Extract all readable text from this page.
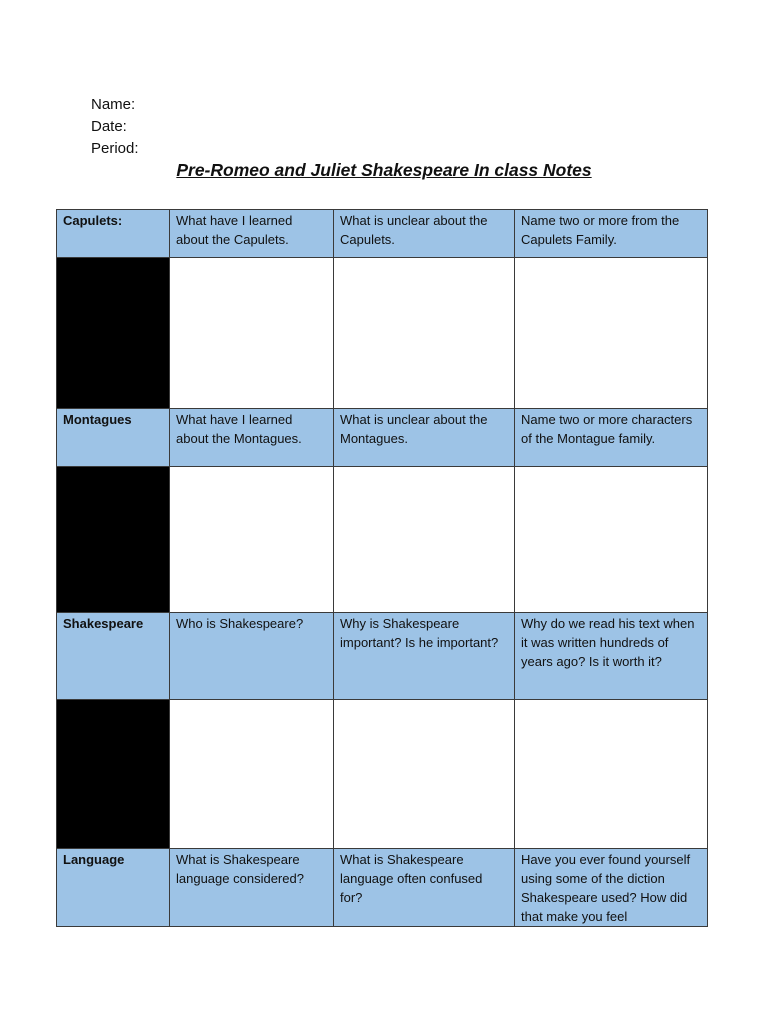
Name:
Date:
Period:
Pre-Romeo and Juliet Shakespeare In class Notes
Capulets:	What have I learned about the Capulets.	What is unclear about the Capulets.	Name two or more from the Capulets Family.

Montagues	What have I learned about the Montagues.	What is unclear about the Montagues.	Name two or more characters of the Montague family.

Shakespeare	Who is Shakespeare?	Why is Shakespeare important? Is he important?	Why do we read his text when it was written hundreds of years ago? Is it worth it?

Language	What is Shakespeare language considered?	What is Shakespeare language often confused for?	Have you ever found yourself using some of the diction Shakespeare used? How did that make you feel
